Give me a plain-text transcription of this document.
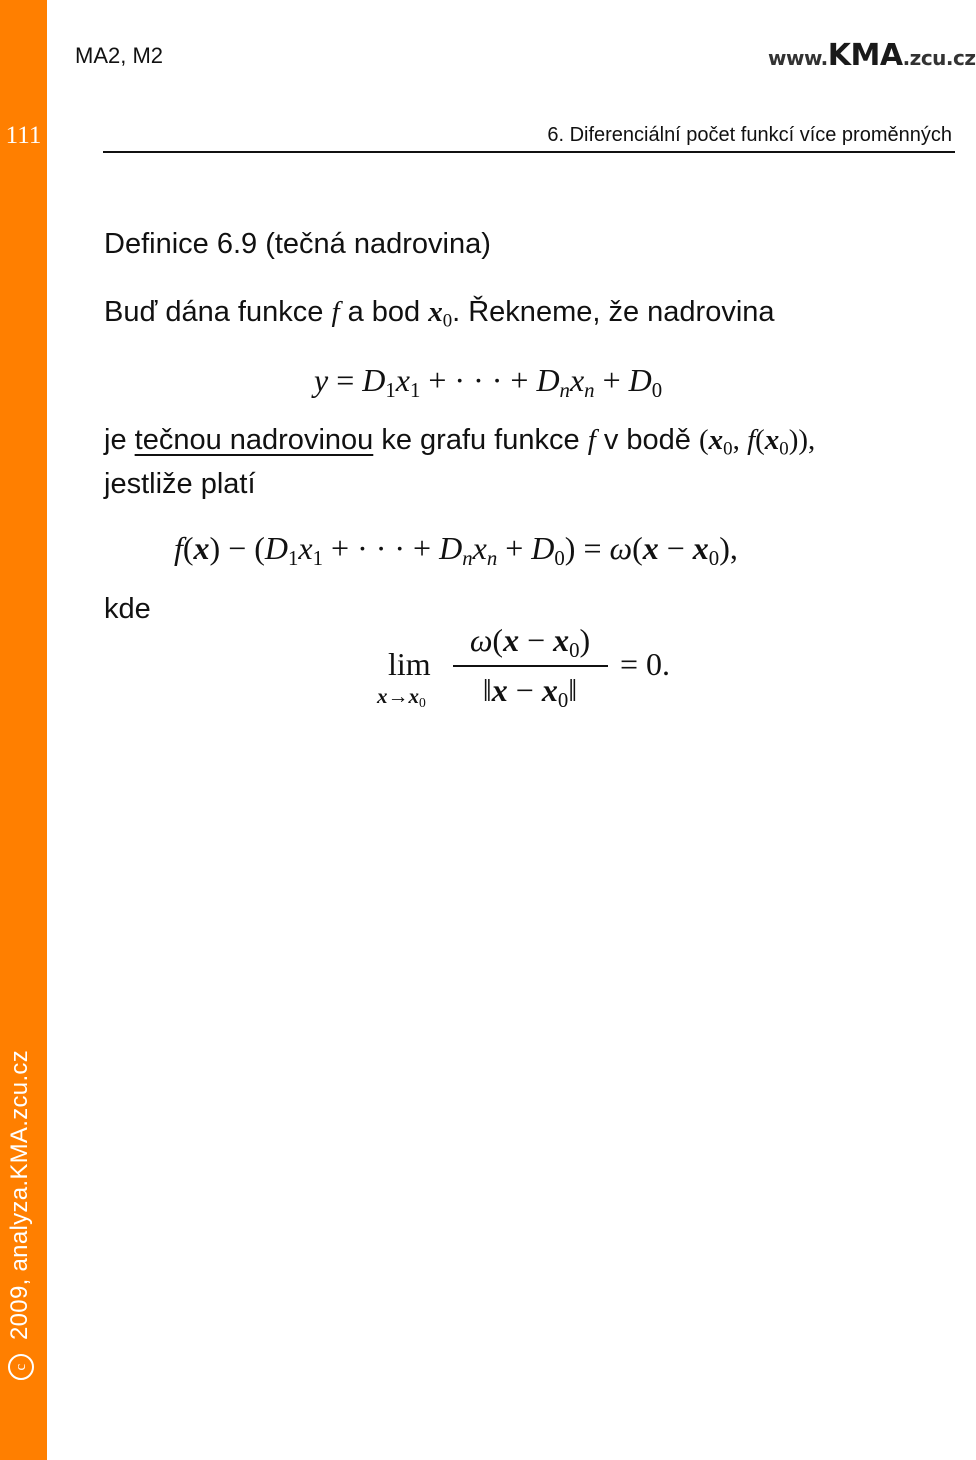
111
c2009, analyza.KMA.zcu.cz
MA2, M2	www.KMA.zcu.cz
6. Diferenciální počet funkcí více proměnných
Definice 6.9 (tečná nadrovina)
Buď dána funkce f a bod $x_0$. Řekneme, že nadrovina
$y = D_1x_1$ + · · · + $D_nx_n + D_0$
je tečnou nadrovinou ke grafu funkce f v bodě ($x_0$, $f(x_0)$),
jestliže platí
$f(x) - (D_1x_1$ + · · · + $D_nx_n + D_0) = \omega(x - x_0)$,
kde
lim
$x\to x_0$
$\omega(x - x_0)$
‖x − $x_0‖$
= 0.
